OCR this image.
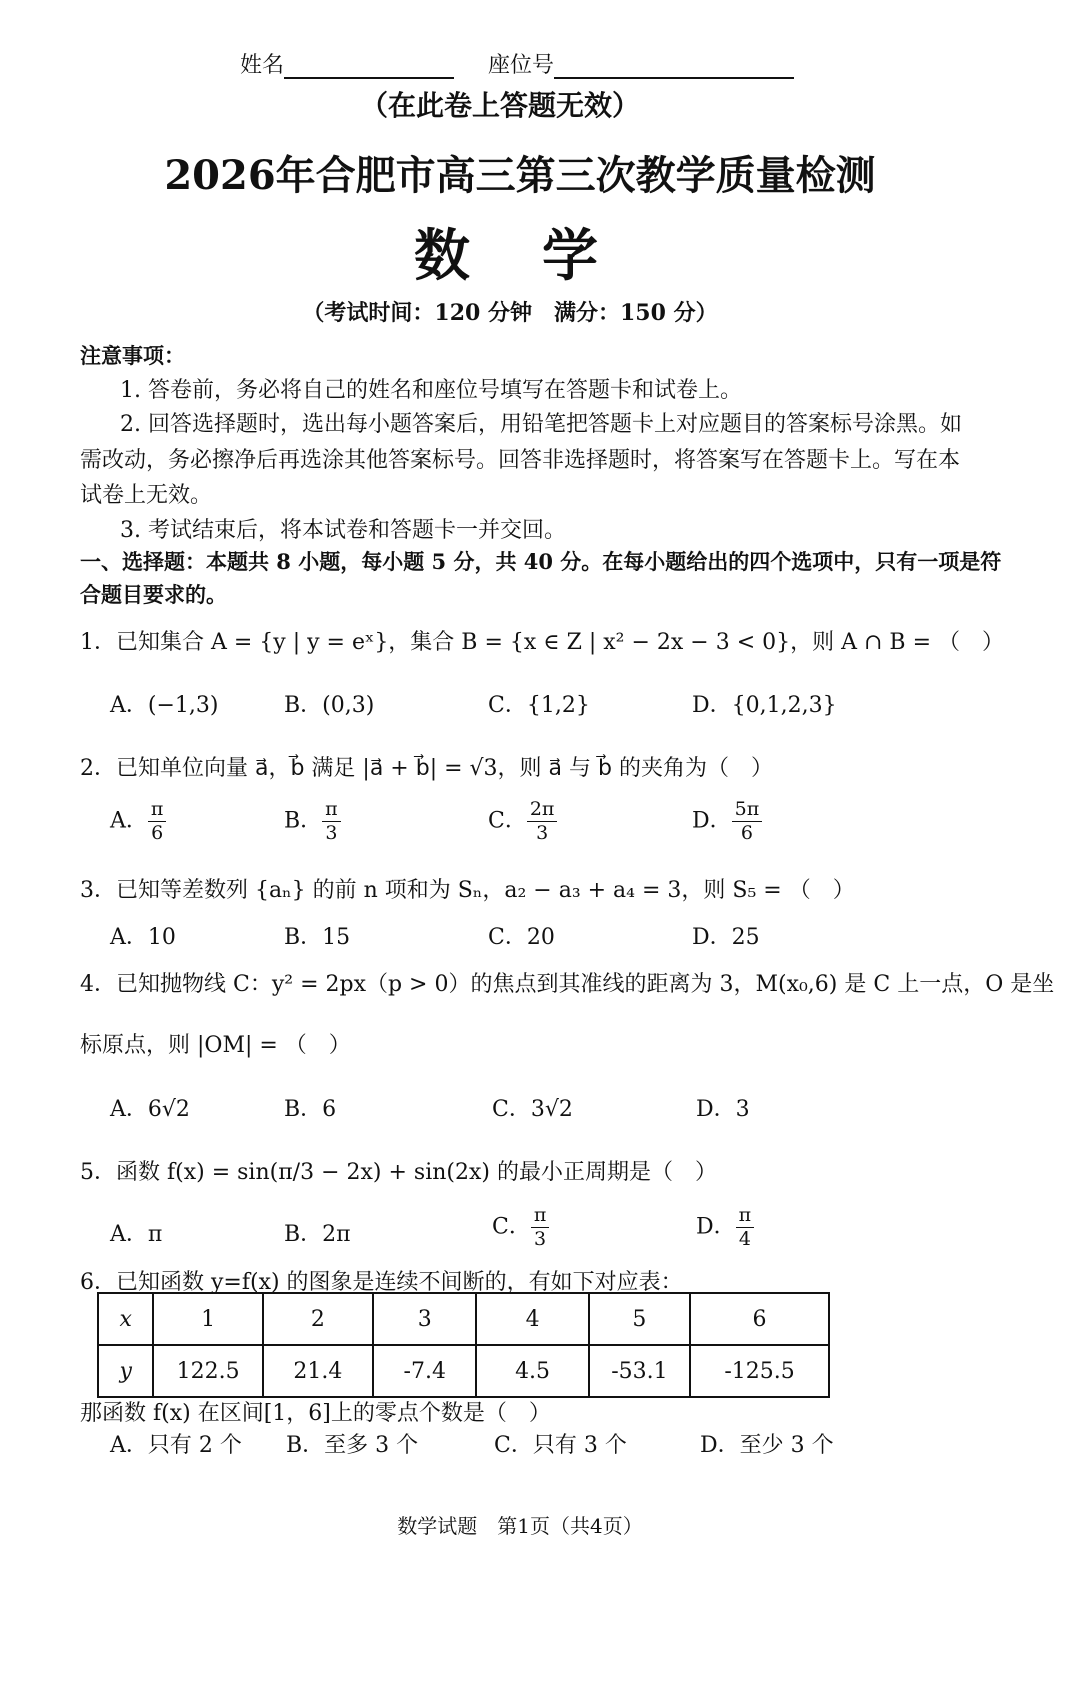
姓名	座位号
（在此卷上答题无效）
2026年合肥市高三第三次教学质量检测
数　学
（考试时间：120 分钟　满分：150 分）
注意事项：
1. 答卷前，务必将自己的姓名和座位号填写在答题卡和试卷上。
2. 回答选择题时，选出每小题答案后，用铅笔把答题卡上对应题目的答案标号涂黑。如
需改动，务必擦净后再选涂其他答案标号。回答非选择题时，将答案写在答题卡上。写在本
试卷上无效。
3. 考试结束后，将本试卷和答题卡一并交回。
一、选择题：本题共 8 小题，每小题 5 分，共 40 分。在每小题给出的四个选项中，只有一项是符
合题目要求的。
1．已知集合 A = {y | y = eˣ}，集合 B = {x ∈ Z | x² − 2x − 3 < 0}，则 A ∩ B = （　）
A．(−1,3)	B．(0,3)	C．{1,2}	D．{0,1,2,3}
2．已知单位向量 a⃗，b⃗ 满足 |a⃗ + b⃗| = √3，则 a⃗ 与 b⃗ 的夹角为（　）
A． $\frac{\pi}{6}$	B． $\frac{\pi}{3}$	C． $\frac{2\pi}{3}$	D． $\frac{5\pi}{6}$
3．已知等差数列 {aₙ} 的前 n 项和为 Sₙ，a₂ − a₃ + a₄ = 3，则 S₅ = （　）
A．10	B．15	C．20	D．25
4．已知抛物线 C：y² = 2px（p > 0）的焦点到其准线的距离为 3，M(x₀,6) 是 C 上一点，O 是坐
标原点，则 |OM| = （　）
A．6√2	B．6	C．3√2	D．3
5．函数 f(x) = sin(π/3 − 2x) + sin(2x) 的最小正周期是（　）
A．π	B．2π	C． $\frac{\pi}{3}$	D． $\frac{\pi}{4}$
6．已知函数 y=f(x) 的图象是连续不间断的，有如下对应表：
x	1	2	3	4	5	6
y	122.5	21.4	-7.4	4.5	-53.1	-125.5
那函数 f(x) 在区间[1，6]上的零点个数是（　）
A．只有 2 个 B．至多 3 个	C．只有 3 个	D．至少 3 个
数学试题　第1页（共4页）
